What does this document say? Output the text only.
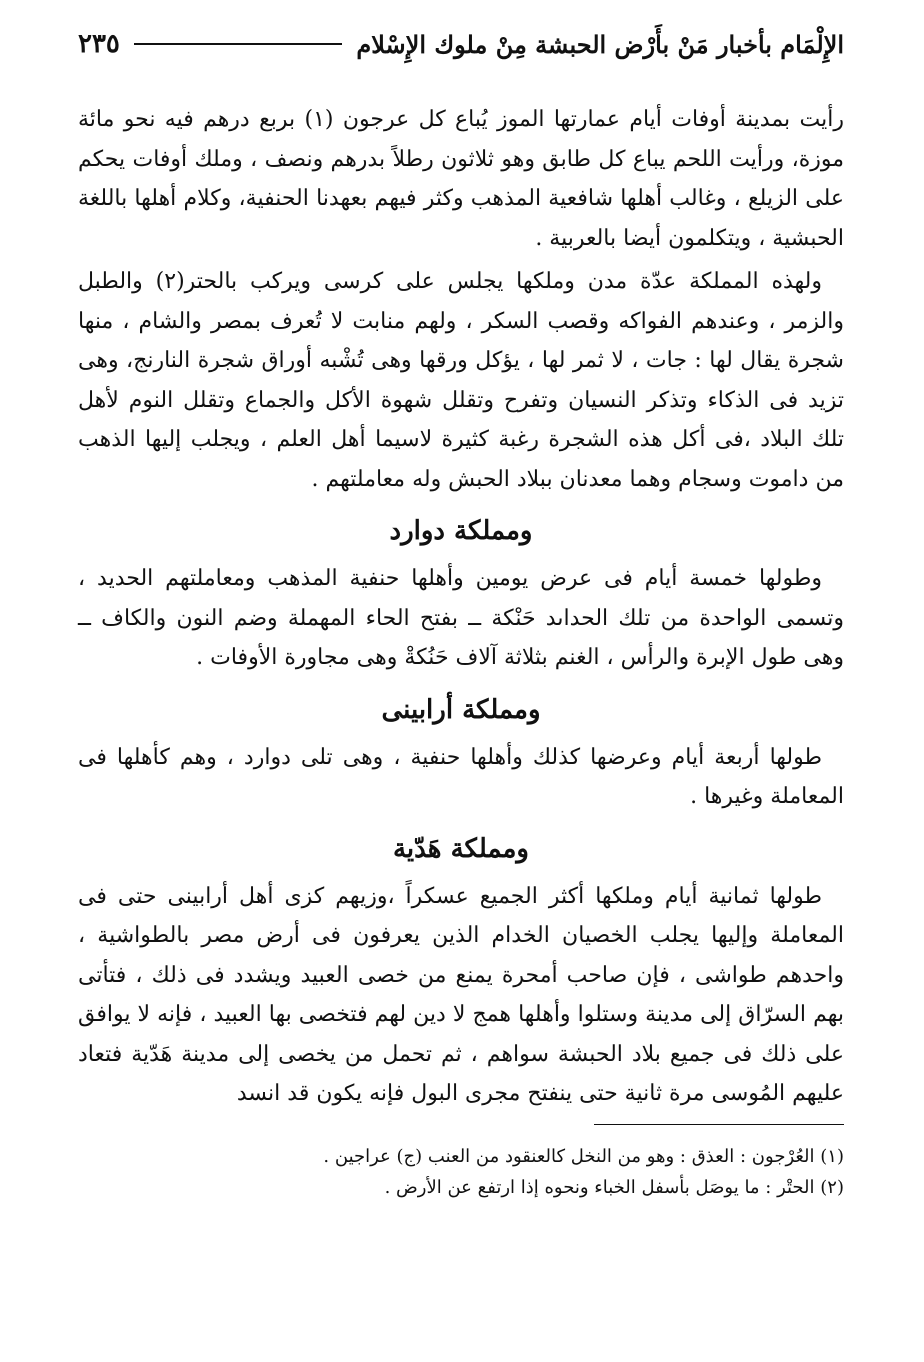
الإِلْمَام بأخبار مَنْ بأَرْض الحبشة مِنْ ملوك الإِسْلام
٢٣٥

رأيت بمدينة أوفات أيام عمارتها الموز يُباع كل عرجون (١) بربع درهم فيه نحو مائة موزة، ورأيت اللحم يباع كل طابق وهو ثلاثون رطلاً بدرهم ونصف ، وملك أوفات يحكم على الزيلع ، وغالب أهلها شافعية المذهب وكثر فيهم بعهدنا الحنفية، وكلام أهلها باللغة الحبشية ، ويتكلمون أيضا بالعربية .

ولهذه المملكة عدّة مدن وملكها يجلس على كرسى ويركب بالحتر(٢) والطبل والزمر ، وعندهم الفواكه وقصب السكر ، ولهم منابت لا تُعرف بمصر والشام ، منها شجرة يقال لها : جات ، لا ثمر لها ، يؤكل ورقها وهى تُشْبه أوراق شجرة النارنج، وهى تزيد فى الذكاء وتذكر النسيان وتفرح وتقلل شهوة الأكل والجماع وتقلل النوم لأهل تلك البلاد ،فى أكل هذه الشجرة رغبة كثيرة لاسيما أهل العلم ، ويجلب إليها الذهب من داموت وسجام وهما معدنان ببلاد الحبش وله معاملتهم .

ومملكة دوارد

وطولها خمسة أيام فى عرض يومين وأهلها حنفية المذهب ومعاملتهم الحديد ، وتسمى الواحدة من تلك الحداىد حَنْكة ــ بفتح الحاء المهملة وضم النون والكاف ــ وهى طول الإبرة والرأس ، الغنم بثلاثة آلاف حَنُكةْ وهى مجاورة الأوفات .

ومملكة أرابينى

طولها أربعة أيام وعرضها كذلك وأهلها حنفية ، وهى تلى دوارد ، وهم كأهلها فى المعاملة وغيرها .

ومملكة هَدّية

طولها ثمانية أيام وملكها أكثر الجميع عسكراً ،وزيهم كزى أهل أرابينى حتى فى المعاملة وإليها يجلب الخصيان الخدام الذين يعرفون فى أرض مصر بالطواشية ، واحدهم طواشى ، فإن صاحب أمحرة يمنع من خصى العبيد ويشدد فى ذلك ، فتأتى بهم السرّاق إلى مدينة وستلوا وأهلها همج لا دين لهم فتخصى بها العبيد ، فإنه لا يوافق على ذلك فى جميع بلاد الحبشة سواهم ، ثم تحمل من يخصى إلى مدينة هَدّية فتعاد عليهم المُوسى مرة ثانية حتى ينفتح مجرى البول فإنه يكون قد انسد

(١) العُرْجون : العذق : وهو من النخل كالعنقود من العنب (ج) عراجين .

(٢) الحتْر : ما يوصَل بأسفل الخباء ونحوه إذا ارتفع عن الأرض .
